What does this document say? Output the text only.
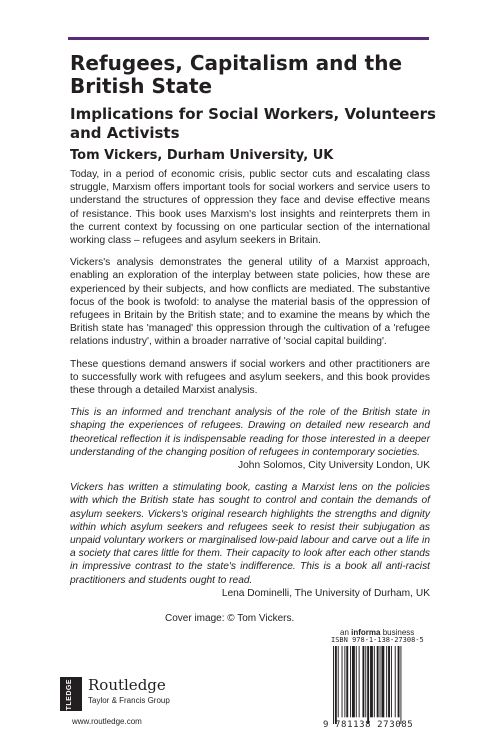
Refugees, Capitalism and the British State
Implications for Social Workers, Volunteers and Activists
Tom Vickers, Durham University, UK

Today, in a period of economic crisis, public sector cuts and escalating class struggle, Marxism offers important tools for social workers and service users to understand the structures of oppression they face and devise effective means of resistance. This book uses Marxism's lost insights and reinterprets them in the current context by focussing on one particular section of the international working class – refugees and asylum seekers in Britain.

Vickers's analysis demonstrates the general utility of a Marxist approach, enabling an exploration of the interplay between state policies, how these are experienced by their subjects, and how conflicts are mediated. The substantive focus of the book is twofold: to analyse the material basis of the oppression of refugees in Britain by the British state; and to examine the means by which the British state has 'managed' this oppression through the cultivation of a 'refugee relations industry', within a broader narrative of 'social capital building'.

These questions demand answers if social workers and other practitioners are to successfully work with refugees and asylum seekers, and this book provides these through a detailed Marxist analysis.

This is an informed and trenchant analysis of the role of the British state in shaping the experiences of refugees. Drawing on detailed new research and theoretical reflection it is indispensable reading for those interested in a deeper understanding of the changing position of refugees in contemporary societies.

John Solomos, City University London, UK

Vickers has written a stimulating book, casting a Marxist lens on the policies with which the British state has sought to control and contain the demands of asylum seekers. Vickers's original research highlights the strengths and dignity within which asylum seekers and refugees seek to resist their subjugation as unpaid voluntary workers or marginalised low-paid labour and carve out a life in a society that cares little for them. Their capacity to look after each other stands in impressive contrast to the state's indifference. This is a book all anti-racist practitioners and students ought to read.

Lena Dominelli, The University of Durham, UK

Cover image: © Tom Vickers.
an informa business
ROUTLEDGE Routledge
Taylor & Francis Group
www.routledge.com
ISBN 978-1-138-27308-5
9 781138 273085
